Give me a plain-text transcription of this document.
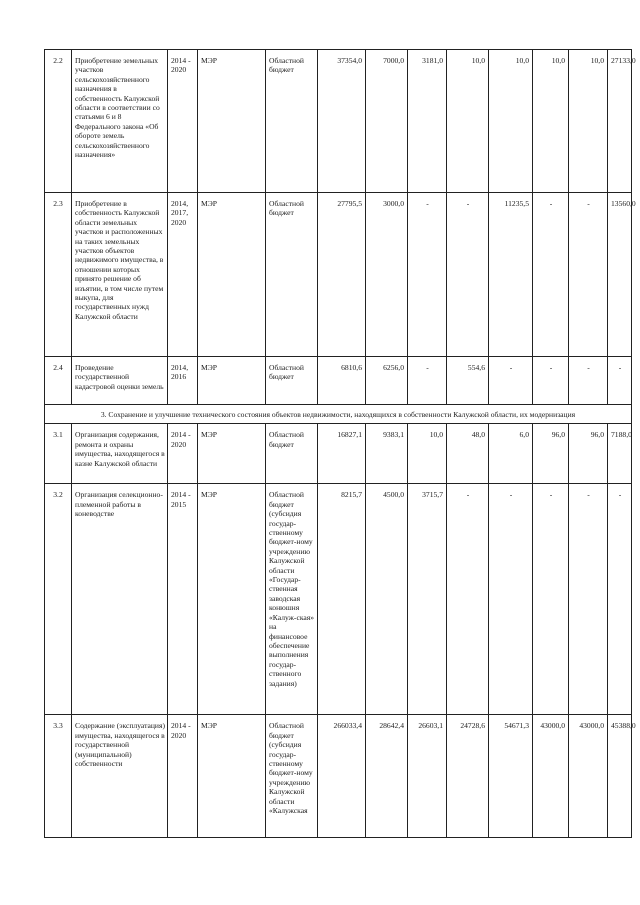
2.2	Приобретение земельных участков сельскохозяйственного назначения в собственность Калужской области в соответствии со статьями 6 и 8 Федерального закона «Об обороте земель сельскохозяйственного назначения»	2014 - 2020	МЭР	Областной бюджет	37354,0	7000,0	3181,0	10,0	10,0	10,0	10,0	27133,0
2.3	Приобретение в собственность Калужской области земельных участков и расположенных на таких земельных участков объектов недвижимого имущества, в отношении которых принято решение об изъятии, в том числе путем выкупа, для государственных нужд Калужской области	2014, 2017, 2020	МЭР	Областной бюджет	27795,5	3000,0	-	-	11235,5	-	-	13560,0
2.4	Проведение государственной кадастровой оценки земель	2014, 2016	МЭР	Областной бюджет	6810,6	6256,0	-	554,6	-	-	-	-
3. Сохранение и улучшение технического состояния объектов недвижимости, находящихся в собственности Калужской области, их модернизация												
3.1	Организация содержания, ремонта и охраны имущества, находящегося в казне Калужской области	2014 - 2020	МЭР	Областной бюджет	16827,1	9383,1	10,0	48,0	6,0	96,0	96,0	7188,0
3.2	Организация селекционно-племенной работы в коневодстве	2014 - 2015	МЭР	Областной бюджет (субсидия государ-ственному бюджет-ному учреждению Калужской области «Государ-ственная заводская конюшня «Калуж-ская» на финансовое обеспечение выполнения государ-ственного задания)	8215,7	4500,0	3715,7	-	-	-	-	-
3.3	Содержание (эксплуатация) имущества, находящегося в государственной (муниципальной) собственности	2014 - 2020	МЭР	Областной бюджет (субсидия государ-ственному бюджет-ному учреждению Калужской области «Калужская	266033,4	28642,4	26603,1	24728,6	54671,3	43000,0	43000,0	45388,0
